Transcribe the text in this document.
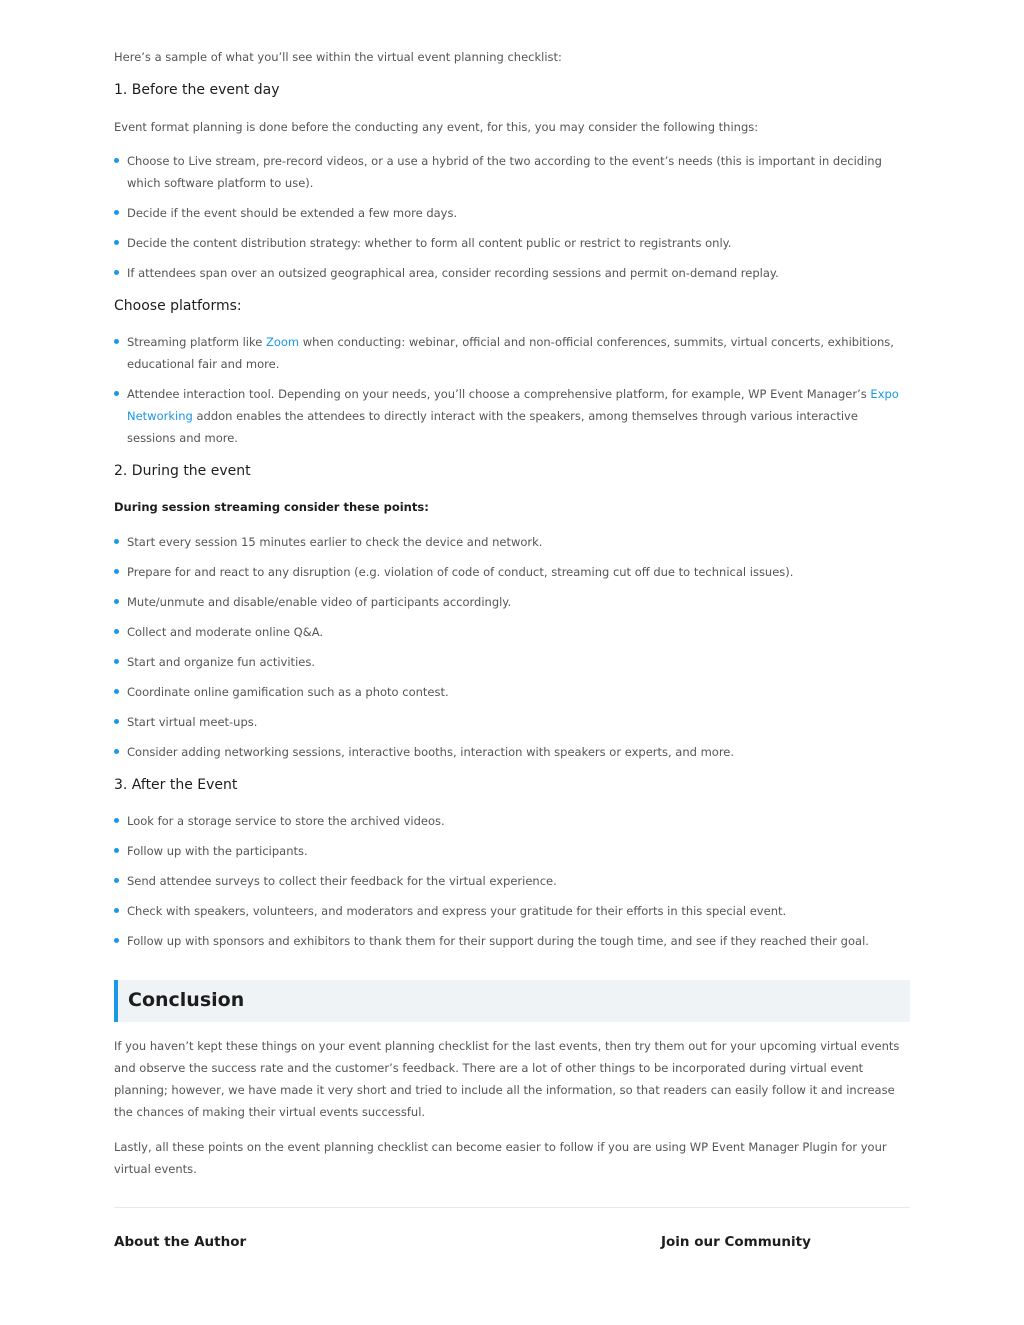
Here’s a sample of what you’ll see within the virtual event planning checklist:

1. Before the event day

Event format planning is done before the conducting any event, for this, you may consider the following things:

Choose to Live stream, pre-record videos, or a use a hybrid of the two according to the event’s needs (this is important in deciding which software platform to use).
Decide if the event should be extended a few more days.
Decide the content distribution strategy: whether to form all content public or restrict to registrants only.
If attendees span over an outsized geographical area, consider recording sessions and permit on-demand replay.
Choose platforms:
Streaming platform like Zoom when conducting: webinar, official and non-official conferences, summits, virtual concerts, exhibitions, educational fair and more.
Attendee interaction tool. Depending on your needs, you’ll choose a comprehensive platform, for example, WP Event Manager’s Expo Networking addon enables the attendees to directly interact with the speakers, among themselves through various interactive sessions and more.
2. During the event

During session streaming consider these points:

Start every session 15 minutes earlier to check the device and network.
Prepare for and react to any disruption (e.g. violation of code of conduct, streaming cut off due to technical issues).
Mute/unmute and disable/enable video of participants accordingly.
Collect and moderate online Q&A.
Start and organize fun activities.
Coordinate online gamification such as a photo contest.
Start virtual meet-ups.
Consider adding networking sessions, interactive booths, interaction with speakers or experts, and more.
3. After the Event
Look for a storage service to store the archived videos.
Follow up with the participants.
Send attendee surveys to collect their feedback for the virtual experience.
Check with speakers, volunteers, and moderators and express your gratitude for their efforts in this special event.
Follow up with sponsors and exhibitors to thank them for their support during the tough time, and see if they reached their goal.
Conclusion

If you haven’t kept these things on your event planning checklist for the last events, then try them out for your upcoming virtual events and observe the success rate and the customer’s feedback. There are a lot of other things to be incorporated during virtual event planning; however, we have made it very short and tried to include all the information, so that readers can easily follow it and increase the chances of making their virtual events successful.

Lastly, all these points on the event planning checklist can become easier to follow if you are using WP Event Manager Plugin for your virtual events.

About the Author	Join our Community
